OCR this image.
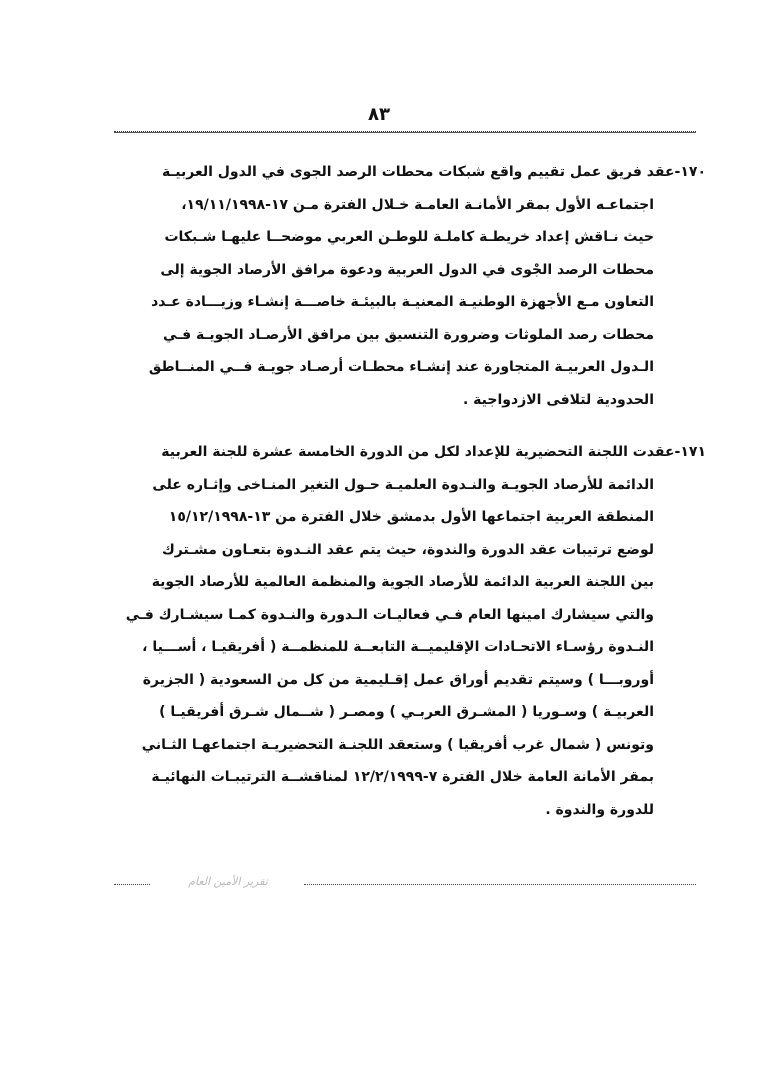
٨٣

١٧٠-عقد فريق عمل تقييم واقع شبكات محطات الرصد الجوى في الدول العربيـة

اجتماعـه الأول بمقر الأمانـة العامـة خـلال الفترة مـن ١٧-١٩/١١/١٩٩٨،

حيث نـاقش إعداد خريطـة كاملـة للوطـن العربي موضحــا عليهـا شـبكات

محطات الرصد الجْوى في الدول العربية ودعوة مرافق الأرصاد الجوية إلى

التعاون مـع الأجهزة الوطنيـة المعنيـة بالبيئـة خاصـــة إنشـاء وزيـــادة عـدد

محطات رصد الملوثات وضرورة التنسيق بين مرافق الأرصـاد الجويـة فـي

الـدول العربيـة المتجاورة عند إنشـاء محطـات أرصـاد جويـة فــي المنــاطق

الحدودية لتلافى الازدواجية .

١٧١-عقدت اللجنة التحضيرية للإعداد لكل من الدورة الخامسة عشرة للجنة العربية

الدائمة للأرصاد الجويـة والنـدوة العلميـة حـول التغير المنـاخى وإثـاره على

المنطقة العربية اجتماعها الأول بدمشق خلال الفترة من ١٣-١٥/١٢/١٩٩٨

لوضع ترتيبات عقد الدورة والندوة، حيث يتم عقد النـدوة بتعـاون مشـترك

بين اللجنة العربية الدائمة للأرصاد الجوية والمنظمة العالمية للأرصاد الجوية

والتي سيشارك امينها العام فـي فعاليـات الـدورة والنـدوة كمـا سيشـارك فـي

النـدوة رؤسـاء الاتحـادات الإقليميــة التابعــة للمنظمــة ( أفريقيـا ، أســـيا ،

أوروبـــا ) وسيتم تقديم أوراق عمل إقـليمية من كل من السعودية ( الجزيرة

العربيـة ) وسـوريا ( المشـرق العربـي ) ومصـر ( شــمال شـرق أفريقيـا )

وتونس ( شمال غرب أفريقيا ) وستعقد اللجنـة التحضيريـة اجتماعهـا الثـاني

بمقر الأمانة العامة خلال الفترة ٧-١٢/٢/١٩٩٩ لمناقشــة الترتيبـات النهائيـة

للدورة والندوة .

تقرير الأمين العام
